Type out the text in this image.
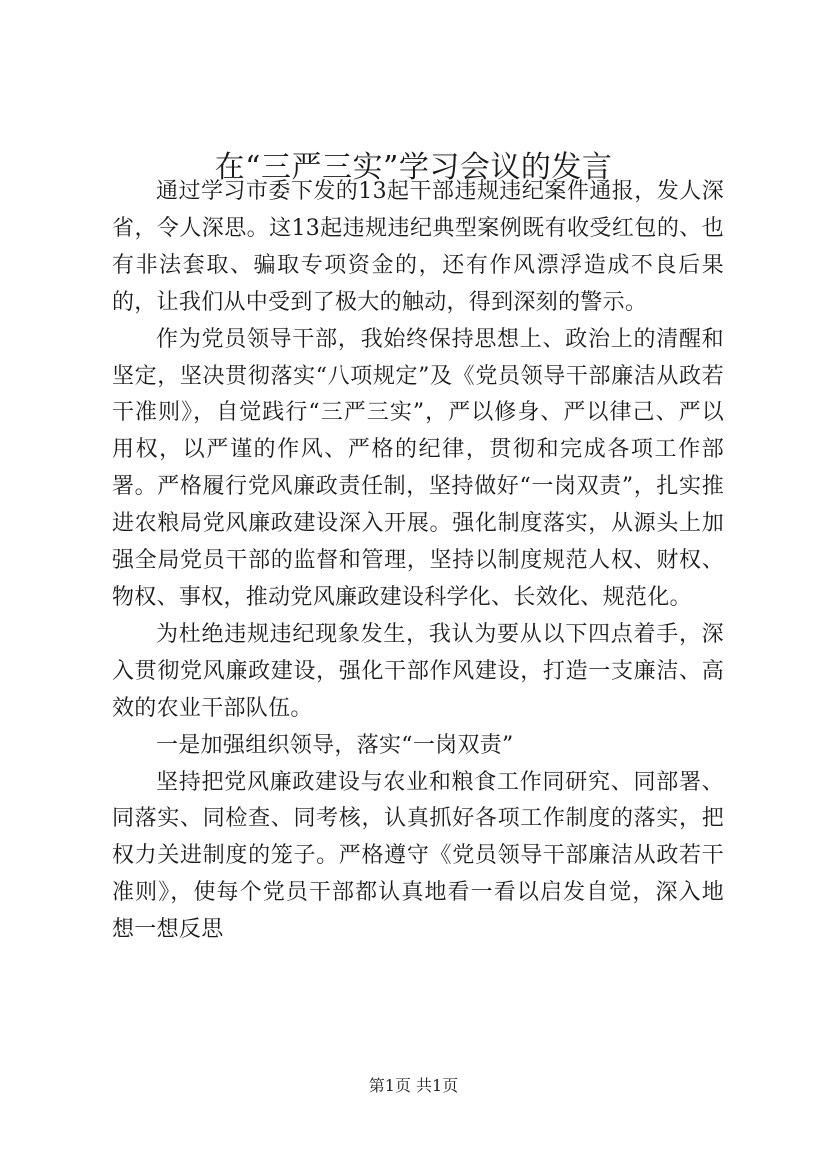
在“三严三实”学习会议的发言

通过学习市委下发的13起干部违规违纪案件通报，发人深省，令人深思。这13起违规违纪典型案例既有收受红包的、也有非法套取、骗取专项资金的，还有作风漂浮造成不良后果的，让我们从中受到了极大的触动，得到深刻的警示。

作为党员领导干部，我始终保持思想上、政治上的清醒和坚定，坚决贯彻落实“八项规定”及《党员领导干部廉洁从政若干准则》，自觉践行“三严三实”，严以修身、严以律己、严以用权，以严谨的作风、严格的纪律，贯彻和完成各项工作部署。严格履行党风廉政责任制，坚持做好“一岗双责”，扎实推进农粮局党风廉政建设深入开展。强化制度落实，从源头上加强全局党员干部的监督和管理，坚持以制度规范人权、财权、物权、事权，推动党风廉政建设科学化、长效化、规范化。

为杜绝违规违纪现象发生，我认为要从以下四点着手，深入贯彻党风廉政建设，强化干部作风建设，打造一支廉洁、高效的农业干部队伍。

一是加强组织领导，落实“一岗双责”

坚持把党风廉政建设与农业和粮食工作同研究、同部署、同落实、同检查、同考核，认真抓好各项工作制度的落实，把权力关进制度的笼子。严格遵守《党员领导干部廉洁从政若干准则》，使每个党员干部都认真地看一看以启发自觉，深入地想一想反思

第1页 共1页
